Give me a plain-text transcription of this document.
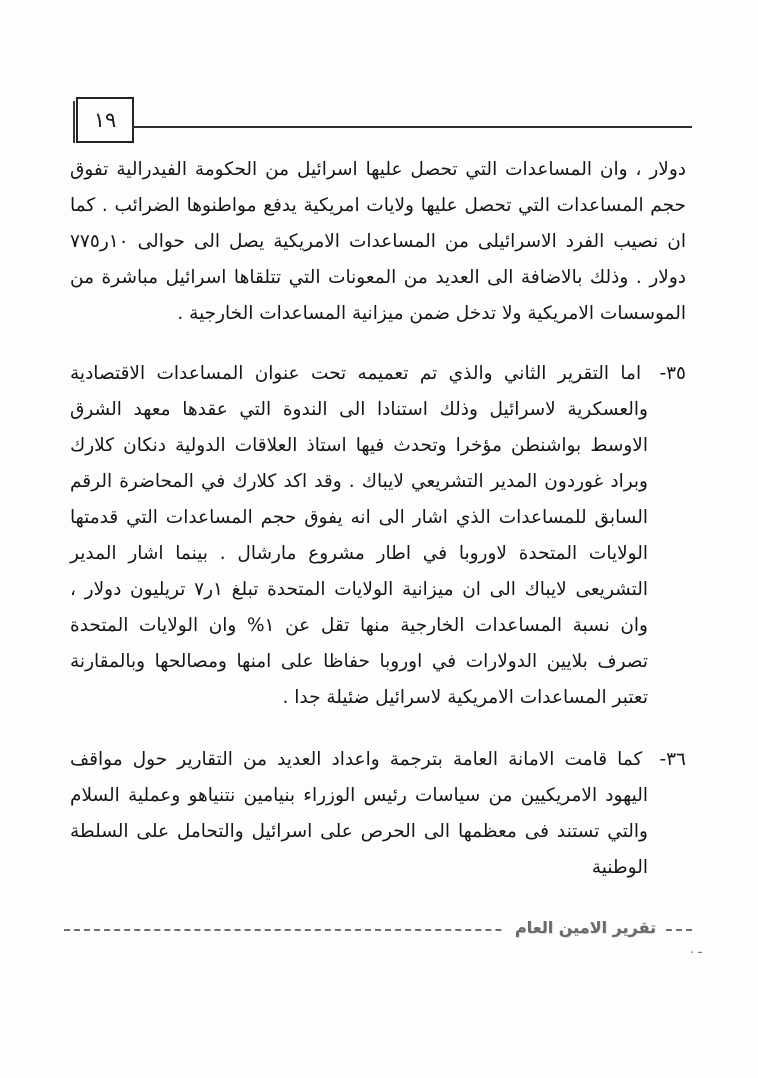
١٩

دولار ، وان المساعدات التي تحصل عليها اسرائيل من الحكومة الفيدرالية تفوق حجم المساعدات التي تحصل عليها ولايات امريكية يدفع مواطنوها الضرائب . كما ان نصيب الفرد الاسرائيلى من المساعدات الامريكية يصل الى حوالى ١٠ر٧٧٥ دولار . وذلك بالاضافة الى العديد من المعونات التي تتلقاها اسرائيل مباشرة من الموسسات الامريكية ولا تدخل ضمن ميزانية المساعدات الخارجية .

٣٥- اما التقرير الثاني والذي تم تعميمه تحت عنوان المساعدات الاقتصادية والعسكرية لاسرائيل وذلك استنادا الى الندوة التي عقدها معهد الشرق الاوسط بواشنطن مؤخرا وتحدث فيها استاذ العلاقات الدولية دنكان كلارك وبراد غوردون المدير التشريعي لايباك . وقد اكد كلارك في المحاضرة الرقم السابق للمساعدات الذي اشار الى انه يفوق حجم المساعدات التي قدمتها الولايات المتحدة لاوروبا في اطار مشروع مارشال . بينما اشار المدير التشريعى لايباك الى ان ميزانية الولايات المتحدة تبلغ ١ر٧ تريليون دولار ، وان نسبة المساعدات الخارجية منها تقل عن ١% وان الولايات المتحدة تصرف بلايين الدولارات في اوروبا حفاظا على امنها ومصالحها وبالمقارنة تعتبر المساعدات الامريكية لاسرائيل ضئيلة جدا .
٣٦- كما قامت الامانة العامة بترجمة واعداد العديد من التقارير حول مواقف اليهود الامريكيين من سياسات رئيس الوزراء بنيامين نتنياهو وعملية السلام والتي تستند فى معظمها الى الحرص على اسرائيل والتحامل على السلطة الوطنية
تقرير الامين العام
ـ .
